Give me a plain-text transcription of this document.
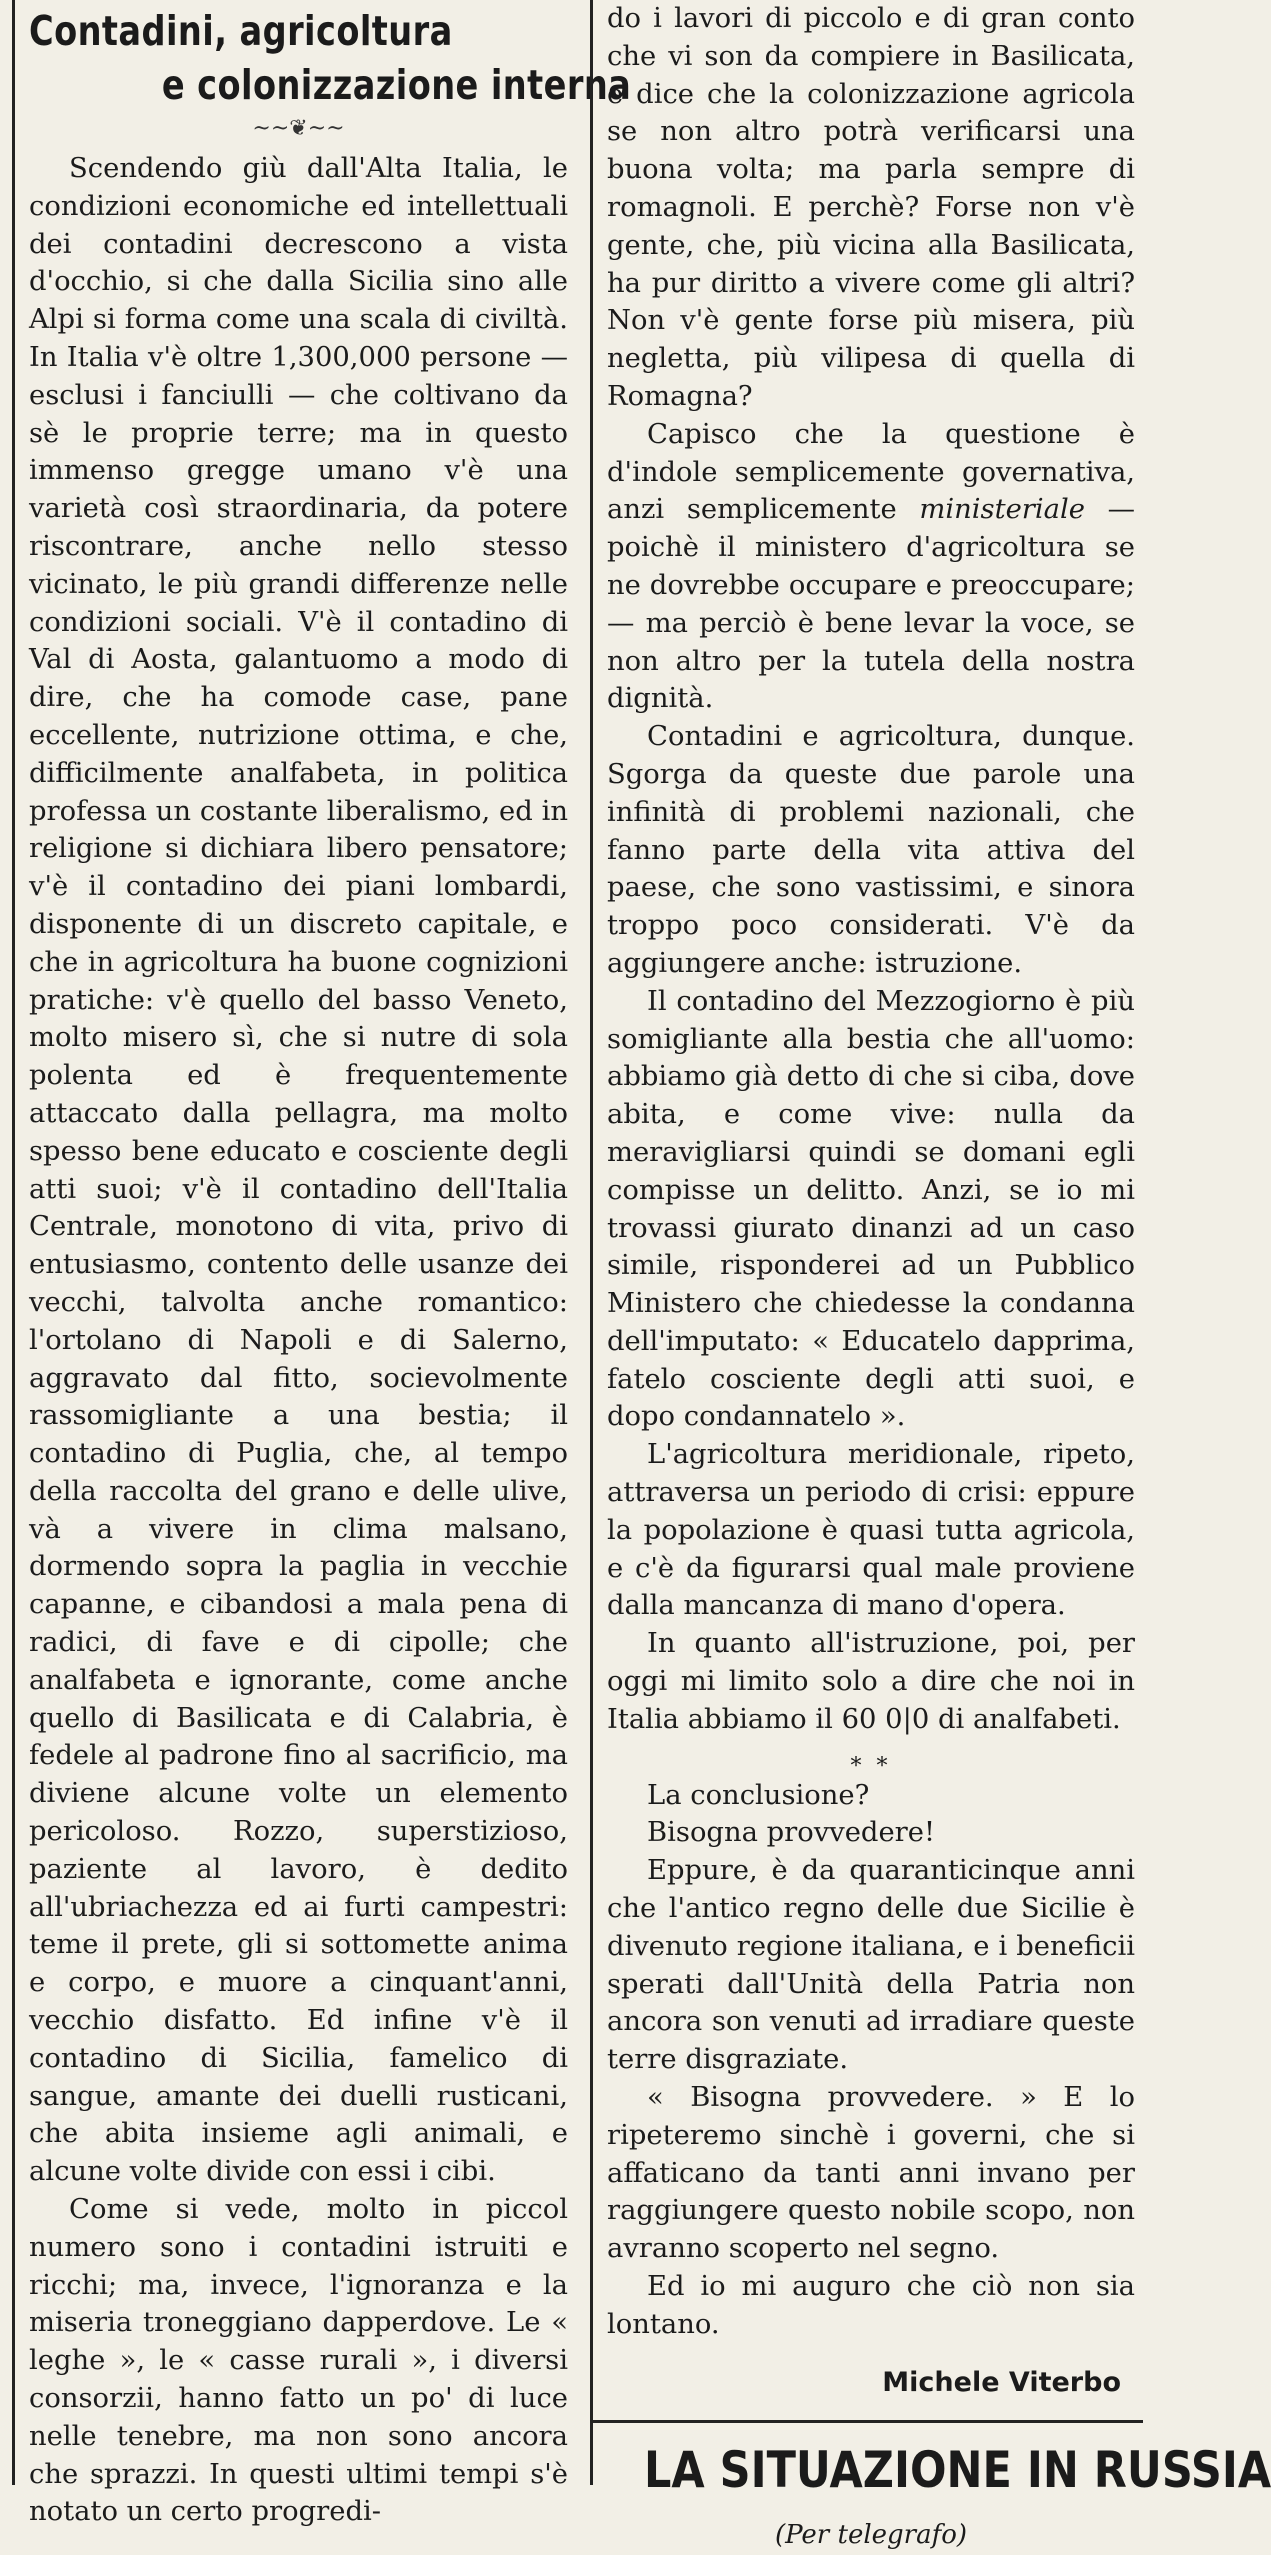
Contadini, agricoltura
e colonizzazione interna
~~❦~~

Scendendo giù dall'Alta Italia, le condizioni economiche ed intellettuali dei contadini decrescono a vista d'occhio, si che dalla Sicilia sino alle Alpi si forma come una scala di civiltà. In Italia v'è oltre 1,300,000 persone — esclusi i fanciulli — che coltivano da sè le proprie terre; ma in questo immenso gregge umano v'è una varietà così straordinaria, da potere riscontrare, anche nello stesso vicinato, le più grandi differenze nelle condizioni sociali. V'è il contadino di Val di Aosta, galantuomo a modo di dire, che ha comode case, pane eccellente, nutrizione ottima, e che, difficilmente analfabeta, in politica professa un costante liberalismo, ed in religione si dichiara libero pensatore; v'è il contadino dei piani lombardi, disponente di un discreto capitale, e che in agricoltura ha buone cognizioni pratiche: v'è quello del basso Veneto, molto misero sì, che si nutre di sola polenta ed è frequentemente attaccato dalla pellagra, ma molto spesso bene educato e cosciente degli atti suoi; v'è il contadino dell'Italia Centrale, monotono di vita, privo di entusiasmo, contento delle usanze dei vecchi, talvolta anche romantico: l'ortolano di Napoli e di Salerno, aggravato dal fitto, socievolmente rassomigliante a una bestia; il contadino di Puglia, che, al tempo della raccolta del grano e delle ulive, và a vivere in clima malsano, dormendo sopra la paglia in vecchie capanne, e cibandosi a mala pena di radici, di fave e di cipolle; che analfabeta e ignorante, come anche quello di Basilicata e di Calabria, è fedele al padrone fino al sacrificio, ma diviene alcune volte un elemento pericoloso. Rozzo, superstizioso, paziente al lavoro, è dedito all'ubriachezza ed ai furti campestri: teme il prete, gli si sottomette anima e corpo, e muore a cinquant'anni, vecchio disfatto. Ed infine v'è il contadino di Sicilia, famelico di sangue, amante dei duelli rusticani, che abita insieme agli animali, e alcune volte divide con essi i cibi.

Come si vede, molto in piccol numero sono i contadini istruiti e ricchi; ma, invece, l'ignoranza e la miseria troneggiano dapperdove. Le « leghe », le « casse rurali », i diversi consorzii, hanno fatto un po' di luce nelle tenebre, ma non sono ancora che sprazzi. In questi ultimi tempi s'è notato un certo progredi-

do i lavori di piccolo e di gran conto che vi son da compiere in Basilicata, e dice che la colonizzazione agricola se non altro potrà verificarsi una buona volta; ma parla sempre di romagnoli. E perchè? Forse non v'è gente, che, più vicina alla Basilicata, ha pur diritto a vivere come gli altri? Non v'è gente forse più misera, più negletta, più vilipesa di quella di Romagna?

Capisco che la questione è d'indole semplicemente governativa, anzi semplicemente ministeriale — poichè il ministero d'agricoltura se ne dovrebbe occupare e preoccupare; — ma perciò è bene levar la voce, se non altro per la tutela della nostra dignità.

Contadini e agricoltura, dunque. Sgorga da queste due parole una infinità di problemi nazionali, che fanno parte della vita attiva del paese, che sono vastissimi, e sinora troppo poco considerati. V'è da aggiungere anche: istruzione.

Il contadino del Mezzogiorno è più somigliante alla bestia che all'uomo: abbiamo già detto di che si ciba, dove abita, e come vive: nulla da meravigliarsi quindi se domani egli compisse un delitto. Anzi, se io mi trovassi giurato dinanzi ad un caso simile, risponderei ad un Pubblico Ministero che chiedesse la condanna dell'imputato: « Educatelo dapprima, fatelo cosciente degli atti suoi, e dopo condannatelo ».

L'agricoltura meridionale, ripeto, attraversa un periodo di crisi: eppure la popolazione è quasi tutta agricola, e c'è da figurarsi qual male proviene dalla mancanza di mano d'opera.

In quanto all'istruzione, poi, per oggi mi limito solo a dire che noi in Italia abbiamo il 60 0|0 di analfabeti.

* *

La conclusione?

Bisogna provvedere!

Eppure, è da quaranticinque anni che l'antico regno delle due Sicilie è divenuto regione italiana, e i beneficii sperati dall'Unità della Patria non ancora son venuti ad irradiare queste terre disgraziate.

« Bisogna provvedere. » E lo ripeteremo sinchè i governi, che si affaticano da tanti anni invano per raggiungere questo nobile scopo, non avranno scoperto nel segno.

Ed io mi auguro che ciò non sia lontano.

Michele Viterbo
LA SITUAZIONE IN RUSSIA
(Per telegrafo)
